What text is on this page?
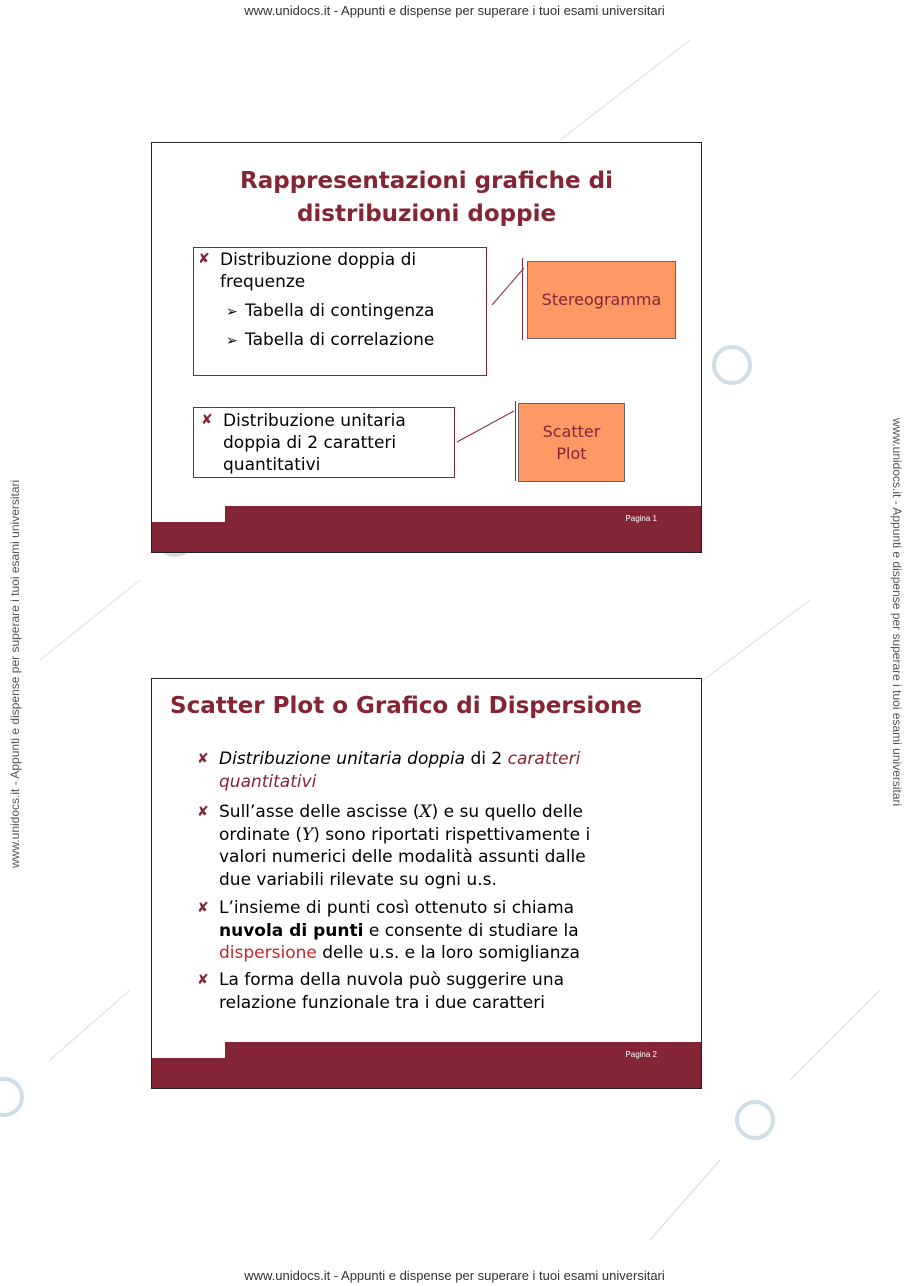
www.unidocs.it - Appunti e dispense per superare i tuoi esami universitari
www.unidocs.it - Appunti e dispense per superare i tuoi esami universitari
www.unidocs.it - Appunti e dispense per superare i tuoi esami universitari	www.unidocs.it - Appunti e dispense per superare i tuoi esami universitari
Rappresentazioni grafiche di
distribuzioni doppie
✘ Distribuzione doppia di
frequenze
➢ Tabella di contingenza
➢ Tabella di correlazione
Stereogramma
✘ Distribuzione unitaria
doppia di 2 caratteri
quantitativi
Scatter
Plot
Pagina 1
Scatter Plot o Grafico di Dispersione
✘ Distribuzione unitaria doppia di 2 caratteri
quantitativi
✘ Sull’asse delle ascisse (X) e su quello delle
ordinate (Y) sono riportati rispettivamente i
valori numerici delle modalità assunti dalle
due variabili rilevate su ogni u.s.
✘ L’insieme di punti così ottenuto si chiama
nuvola di punti e consente di studiare la
dispersione delle u.s. e la loro somiglianza
✘ La forma della nuvola può suggerire una
relazione funzionale tra i due caratteri
Pagina 2
